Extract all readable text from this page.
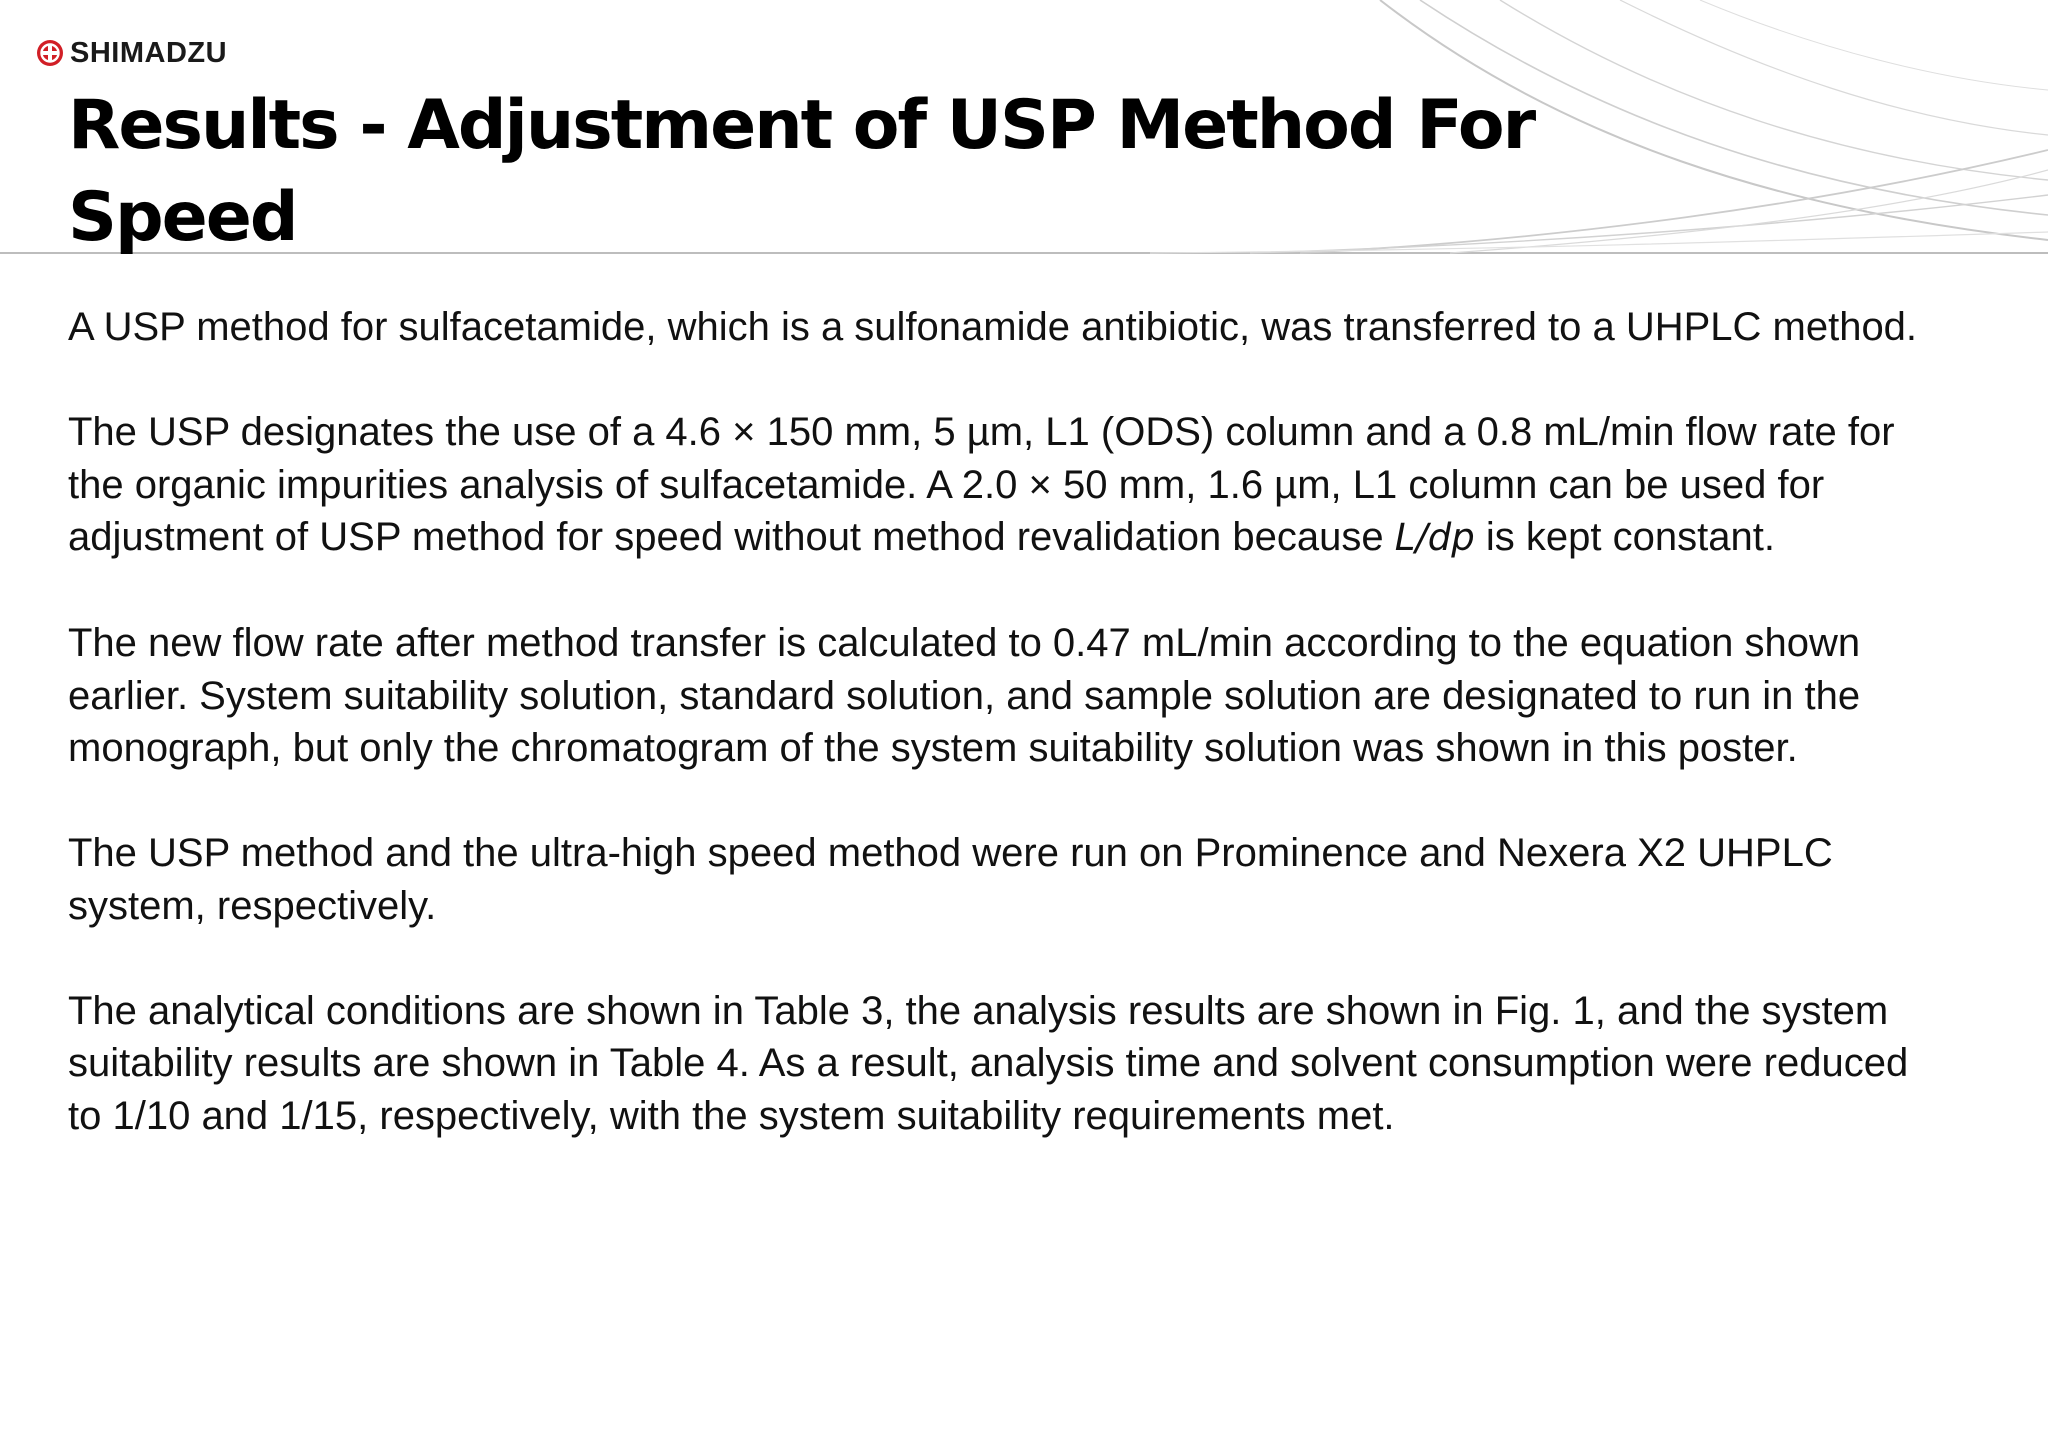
SHIMADZU
Results - Adjustment of USP Method For Speed

A USP method for sulfacetamide, which is a sulfonamide antibiotic, was transferred to a UHPLC method.

The USP designates the use of a 4.6 × 150 mm, 5 µm, L1 (ODS) column and a 0.8 mL/min flow rate for the organic impurities analysis of sulfacetamide. A 2.0 × 50 mm, 1.6 µm, L1 column can be used for adjustment of USP method for speed without method revalidation because L/dp is kept constant.

The new flow rate after method transfer is calculated to 0.47 mL/min according to the equation shown earlier. System suitability solution, standard solution, and sample solution are designated to run in the monograph, but only the chromatogram of the system suitability solution was shown in this poster.

The USP method and the ultra-high speed method were run on Prominence and Nexera X2 UHPLC system, respectively.

The analytical conditions are shown in Table 3, the analysis results are shown in Fig. 1, and the system suitability results are shown in Table 4. As a result, analysis time and solvent consumption were reduced to 1/10 and 1/15, respectively, with the system suitability requirements met.
